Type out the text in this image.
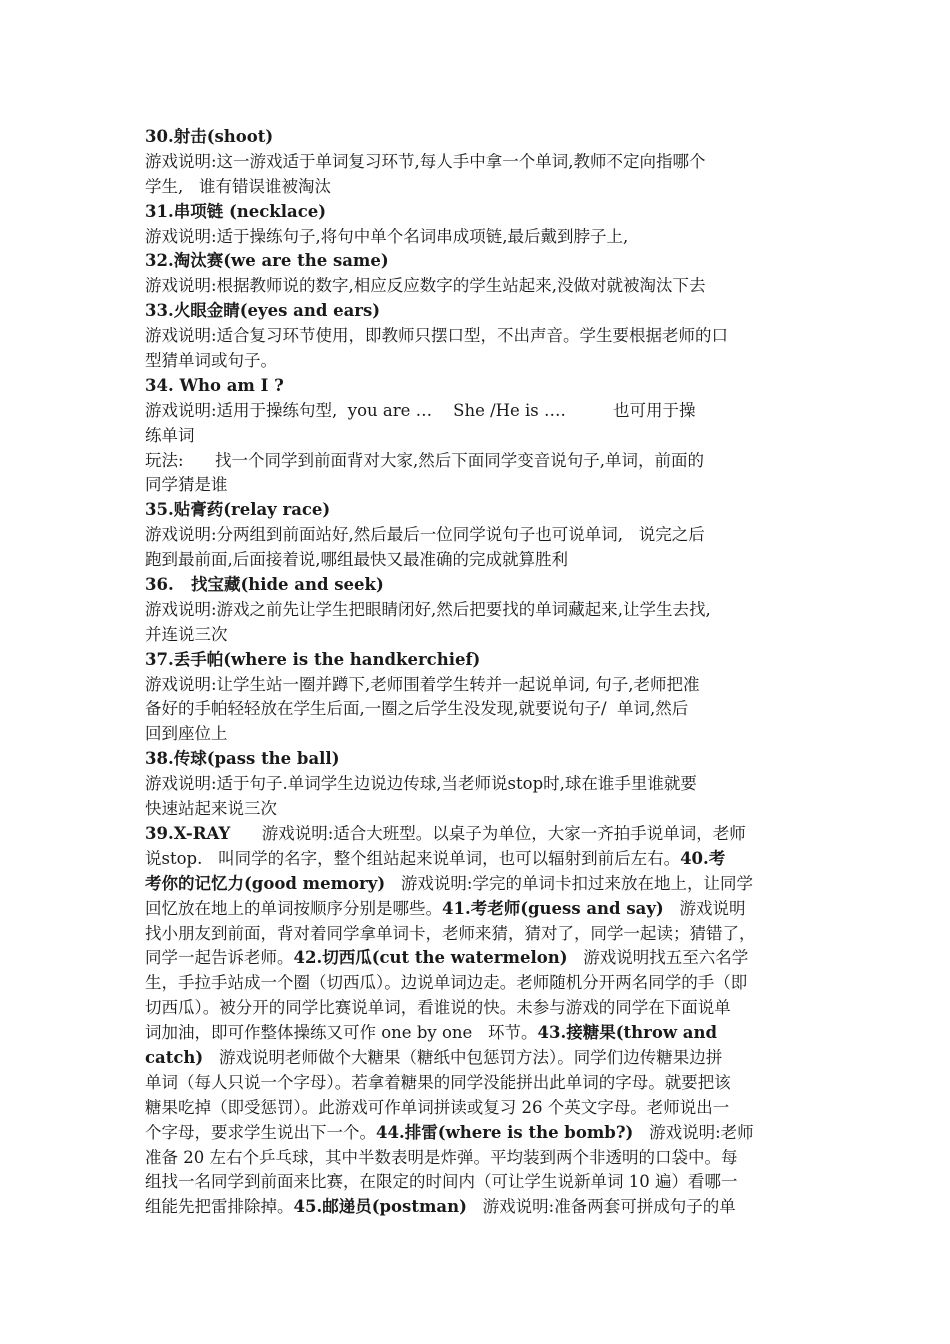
30.射击(shoot)
游戏说明:这一游戏适于单词复习环节,每人手中拿一个单词,教师不定向指哪个
学生,   谁有错误谁被淘汰
31.串项链 (necklace)
游戏说明:适于操练句子,将句中单个名词串成项链,最后戴到脖子上,
32.淘汰赛(we are the same)
游戏说明:根据教师说的数字,相应反应数字的学生站起来,没做对就被淘汰下去
33.火眼金睛(eyes and ears)
游戏说明:适合复习环节使用，即教师只摆口型，不出声音。学生要根据老师的口
型猜单词或句子。
34. Who am I ?
游戏说明:适用于操练句型,  you are …    She /He is ….         也可用于操
练单词
玩法:      找一个同学到前面背对大家,然后下面同学变音说句子,单词，前面的
同学猜是谁
35.贴膏药(relay race)
游戏说明:分两组到前面站好,然后最后一位同学说句子也可说单词,   说完之后
跑到最前面,后面接着说,哪组最快又最准确的完成就算胜利
36.   找宝藏(hide and seek)
游戏说明:游戏之前先让学生把眼睛闭好,然后把要找的单词藏起来,让学生去找,
并连说三次
37.丢手帕(where is the handkerchief)
游戏说明:让学生站一圈并蹲下,老师围着学生转并一起说单词, 句子,老师把准
备好的手帕轻轻放在学生后面,一圈之后学生没发现,就要说句子/  单词,然后
回到座位上
38.传球(pass the ball)
游戏说明:适于句子.单词学生边说边传球,当老师说stop时,球在谁手里谁就要
快速站起来说三次
39.X-RAY      游戏说明:适合大班型。以桌子为单位，大家一齐拍手说单词，老师
说stop.   叫同学的名字，整个组站起来说单词，也可以辐射到前后左右。40.考
考你的记忆力(good memory)   游戏说明:学完的单词卡扣过来放在地上，让同学
回忆放在地上的单词按顺序分别是哪些。41.考老师(guess and say)   游戏说明
找小朋友到前面，背对着同学拿单词卡，老师来猜，猜对了，同学一起读；猜错了，
同学一起告诉老师。42.切西瓜(cut the watermelon)   游戏说明找五至六名学
生，手拉手站成一个圈（切西瓜）。边说单词边走。老师随机分开两名同学的手（即
切西瓜）。被分开的同学比赛说单词，看谁说的快。未参与游戏的同学在下面说单
词加油，即可作整体操练又可作 one by one   环节。43.接糖果(throw and
catch)   游戏说明老师做个大糖果（糖纸中包惩罚方法）。同学们边传糖果边拼
单词（每人只说一个字母）。若拿着糖果的同学没能拼出此单词的字母。就要把该
糖果吃掉（即受惩罚）。此游戏可作单词拼读或复习 26 个英文字母。老师说出一
个字母，要求学生说出下一个。44.排雷(where is the bomb?)   游戏说明:老师
准备 20 左右个乒乓球，其中半数表明是炸弹。平均装到两个非透明的口袋中。每
组找一名同学到前面来比赛，在限定的时间内（可让学生说新单词 10 遍）看哪一
组能先把雷排除掉。45.邮递员(postman)   游戏说明:准备两套可拼成句子的单
